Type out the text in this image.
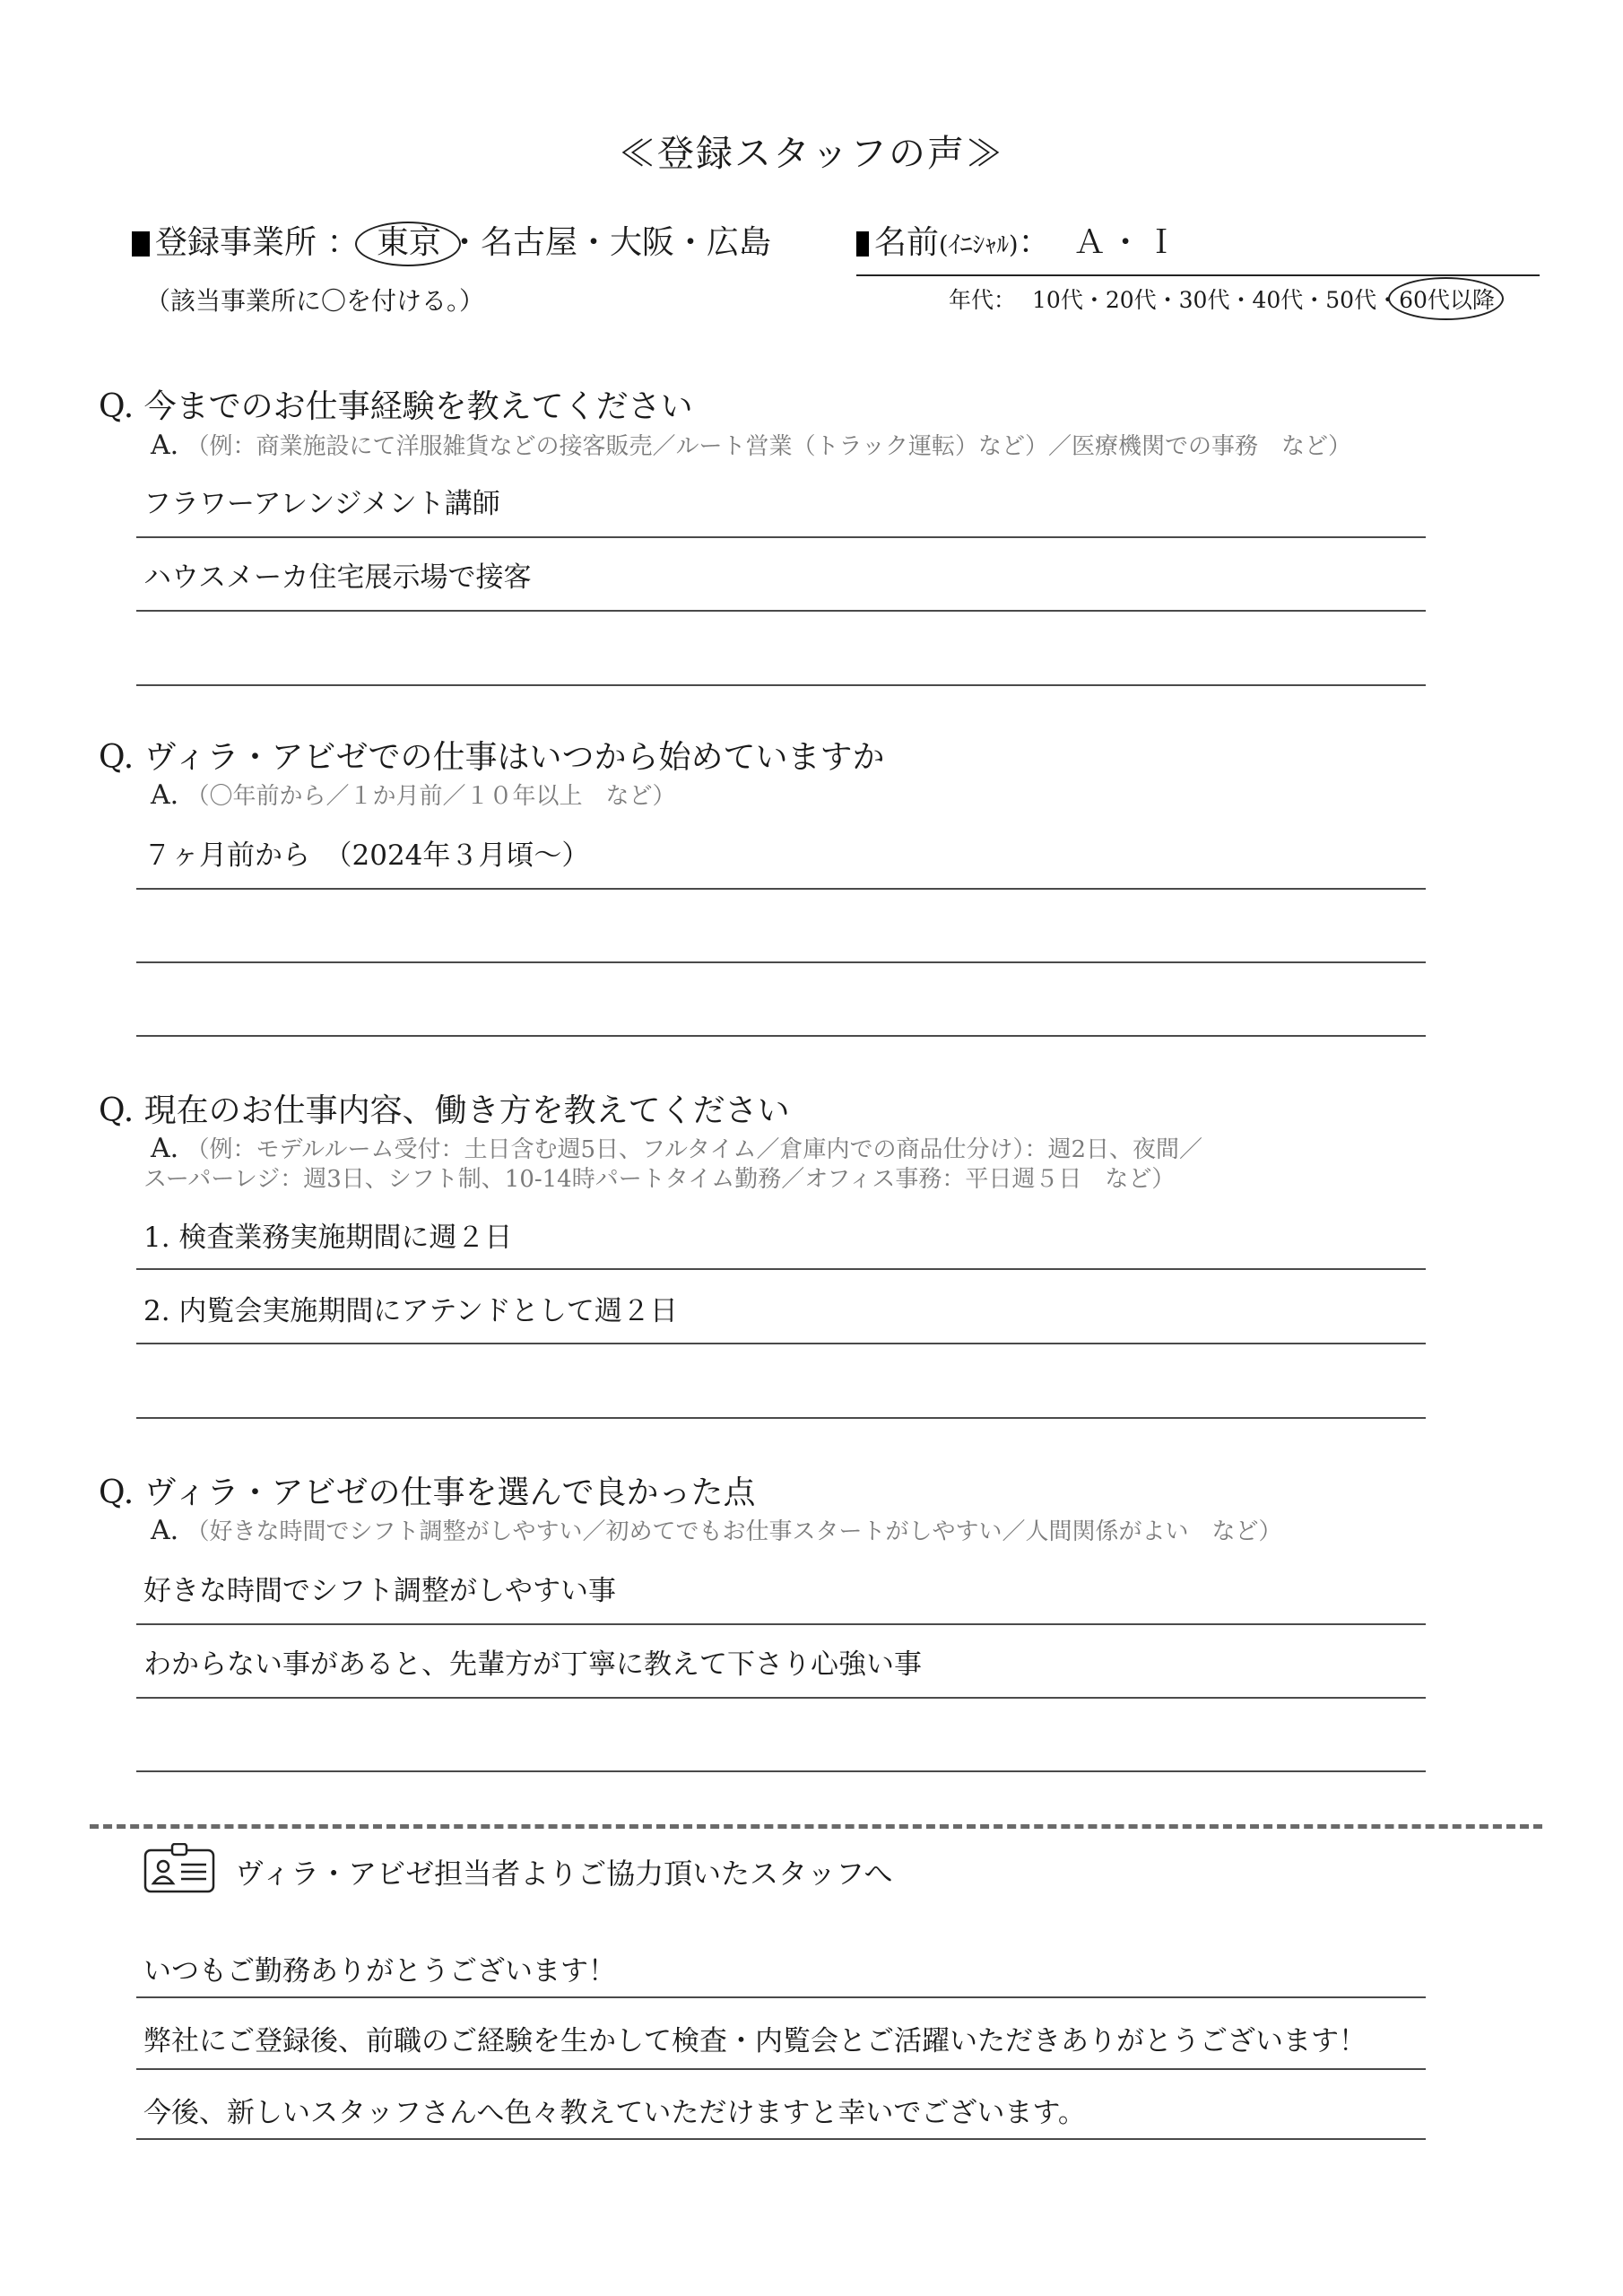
≪登録スタッフの声≫
登録事業所 ： 東京 ・名古屋・大阪・広島
（該当事業所に〇を付ける。）
名前(ｲﾆｼｬﾙ)： Ａ・Ｉ
年代： 10代・20代・30代・40代・50代・60代以降
Q. 今までのお仕事経験を教えてください
A. （例：商業施設にて洋服雑貨などの接客販売／ルート営業（トラック運転）など）／医療機関での事務　など）
フラワーアレンジメント講師
ハウスメーカ住宅展示場で接客
Q. ヴィラ・アビゼでの仕事はいつから始めていますか
A. （〇年前から／１か月前／１０年以上　など）
７ヶ月前から　（2024年３月頃〜）
Q. 現在のお仕事内容、働き方を教えてください
A. （例：モデルルーム受付：土日含む週5日、フルタイム／倉庫内での商品仕分け）：週2日、夜間／
スーパーレジ：週3日、シフト制、10-14時パートタイム勤務／オフィス事務：平日週５日　など）
1. 検査業務実施期間に週２日
2. 内覧会実施期間にアテンドとして週２日
Q. ヴィラ・アビゼの仕事を選んで良かった点
A. （好きな時間でシフト調整がしやすい／初めてでもお仕事スタートがしやすい／人間関係がよい　など）
好きな時間でシフト調整がしやすい事
わからない事があると、先輩方が丁寧に教えて下さり心強い事
ヴィラ・アビゼ担当者よりご協力頂いたスタッフへ
いつもご勤務ありがとうございます！
弊社にご登録後、前職のご経験を生かして検査・内覧会とご活躍いただきありがとうございます！
今後、新しいスタッフさんへ色々教えていただけますと幸いでございます。
